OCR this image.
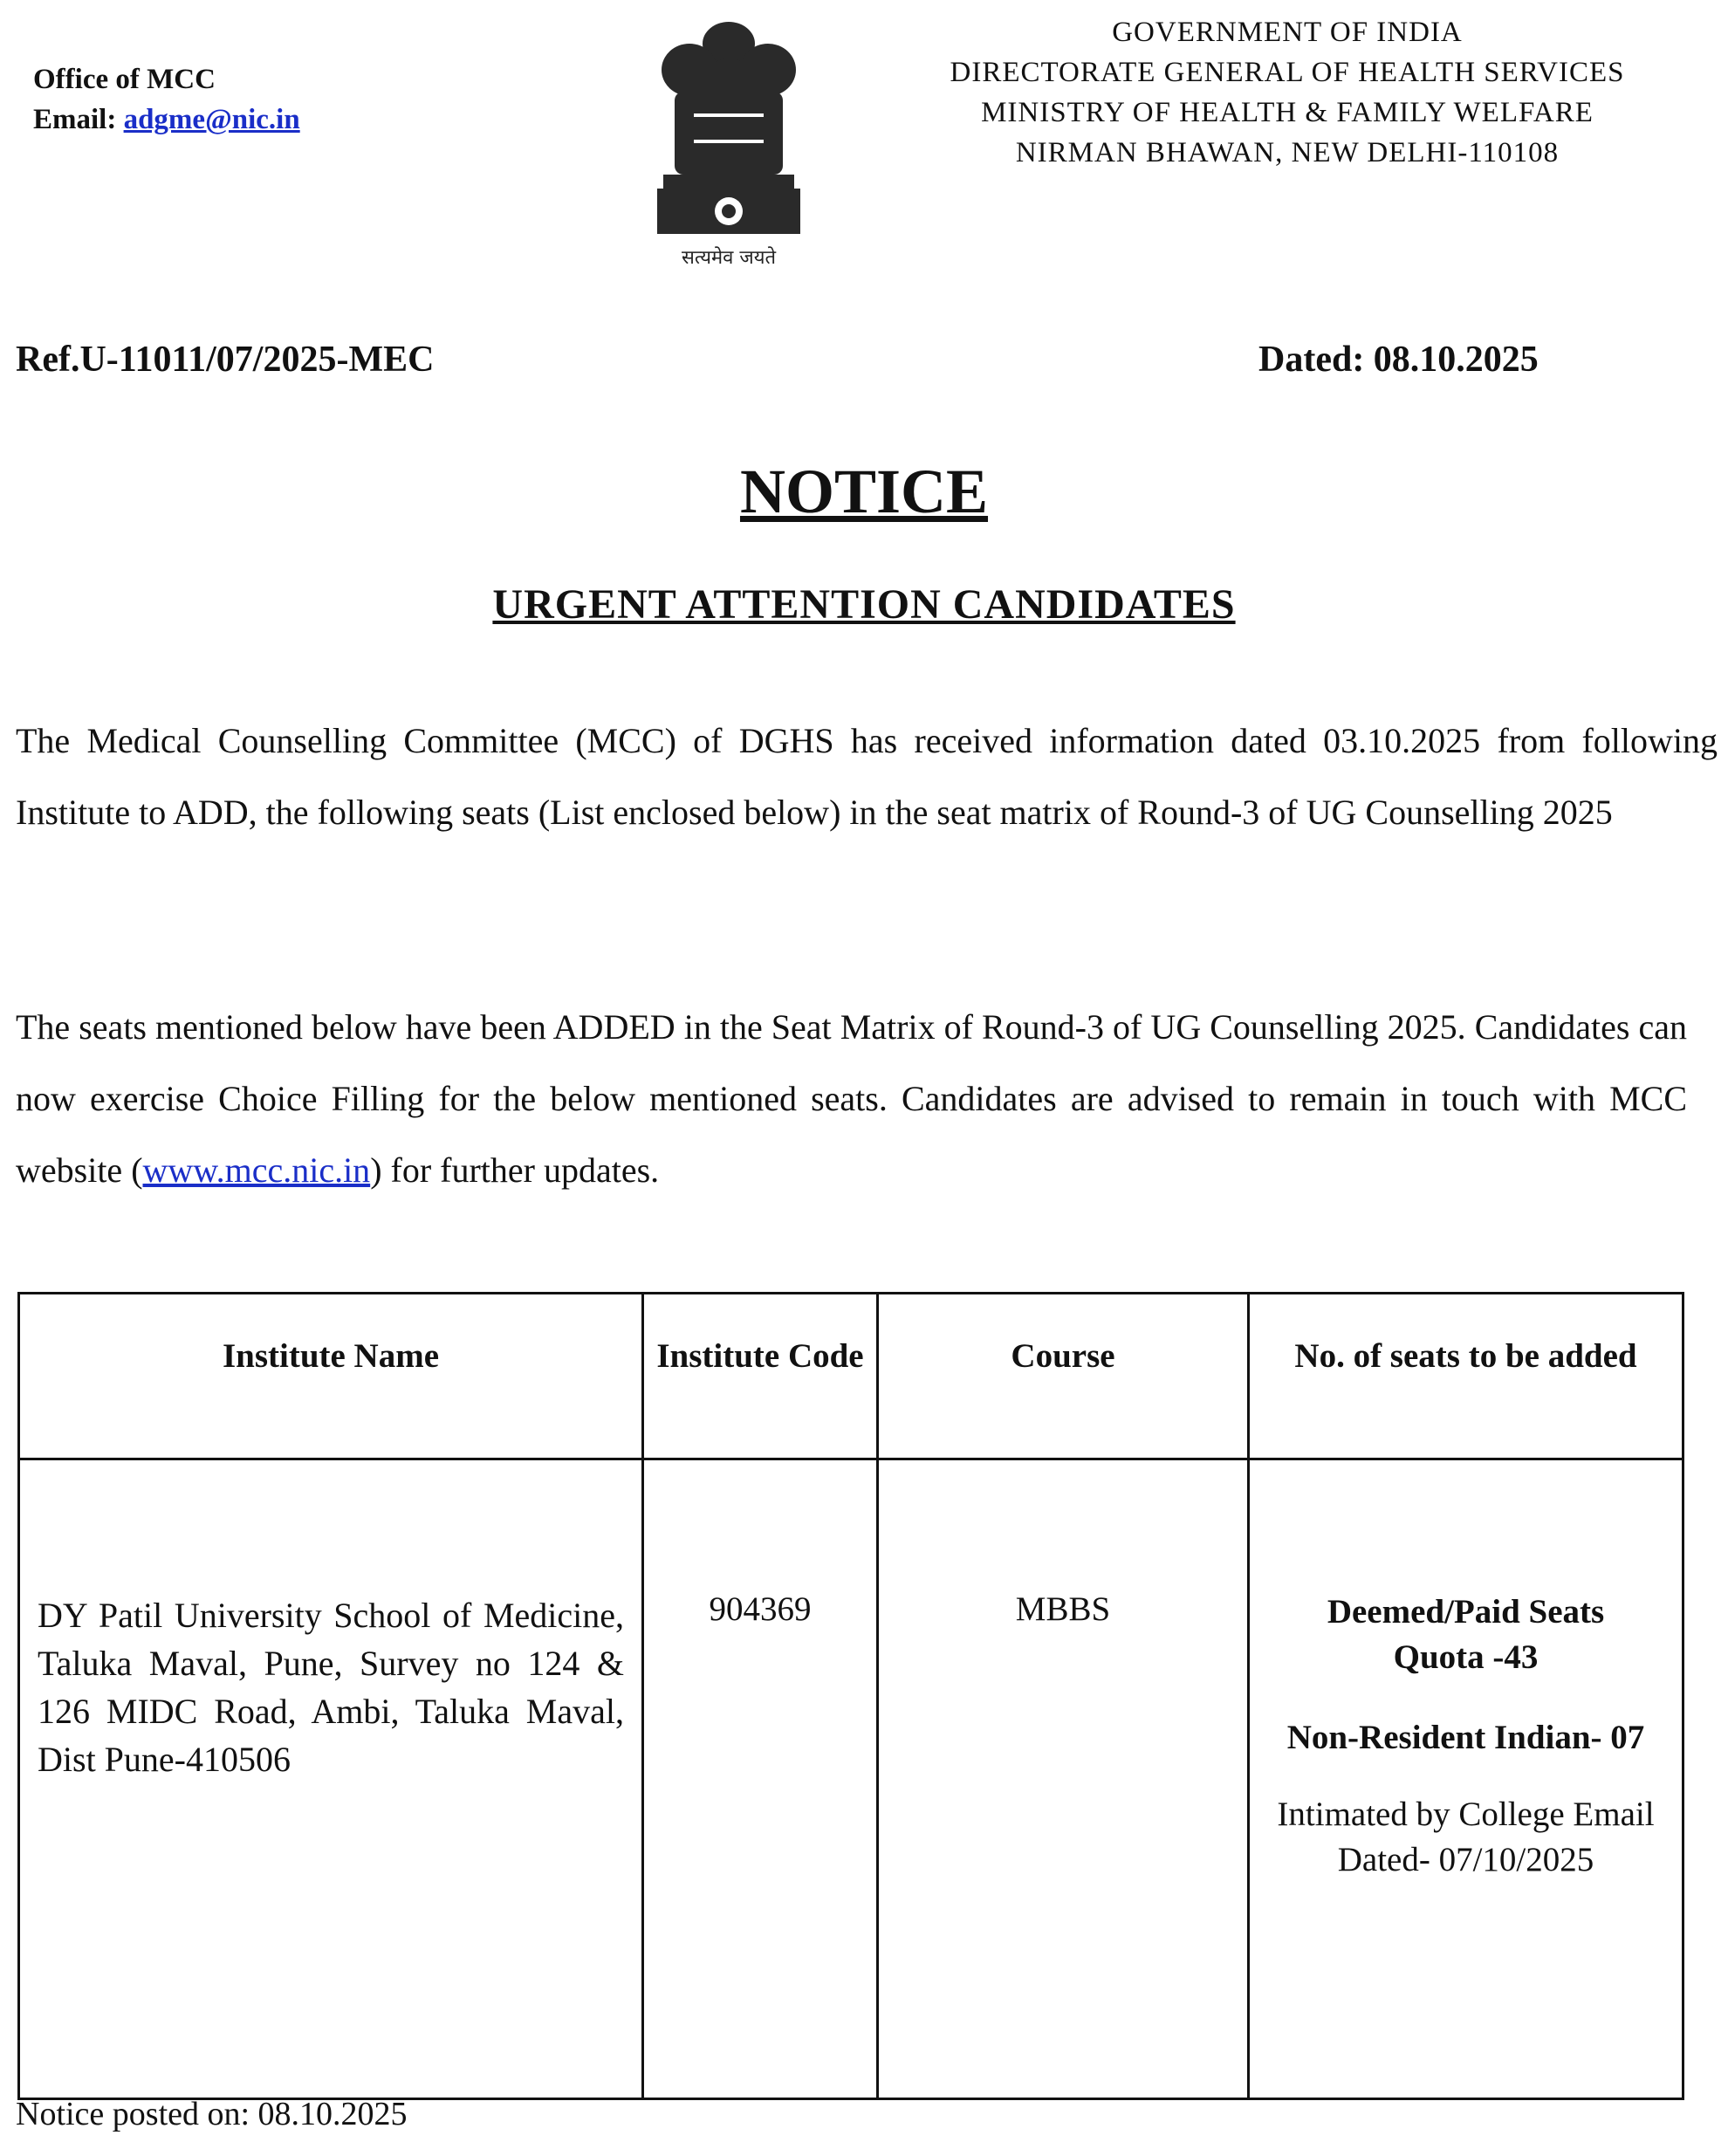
Office of MCC
Email: adgme@nic.in
सत्यमेव जयते
GOVERNMENT OF INDIA
DIRECTORATE GENERAL OF HEALTH SERVICES
MINISTRY OF HEALTH & FAMILY WELFARE
NIRMAN BHAWAN, NEW DELHI-110108
Ref.U-11011/07/2025-MEC	Dated: 08.10.2025
NOTICE
URGENT ATTENTION CANDIDATES
The Medical Counselling Committee (MCC) of DGHS has received information dated 03.10.2025 from following Institute to ADD, the following seats (List enclosed below) in the seat matrix of Round-3 of UG Counselling 2025
The seats mentioned below have been ADDED in the Seat Matrix of Round-3 of UG Counselling 2025. Candidates can now exercise Choice Filling for the below mentioned seats. Candidates are advised to remain in touch with MCC website (www.mcc.nic.in) for further updates.
Institute Name	Institute Code	Course	No. of seats to be added
DY Patil University School of Medicine, Taluka Maval, Pune, Survey no 124 & 126 MIDC Road, Ambi, Taluka Maval, Dist Pune-410506	904369	MBBS	Deemed/Paid Seats Quota -43
Non-Resident Indian- 07
Intimated by College Email Dated- 07/10/2025
Notice posted on: 08.10.2025
